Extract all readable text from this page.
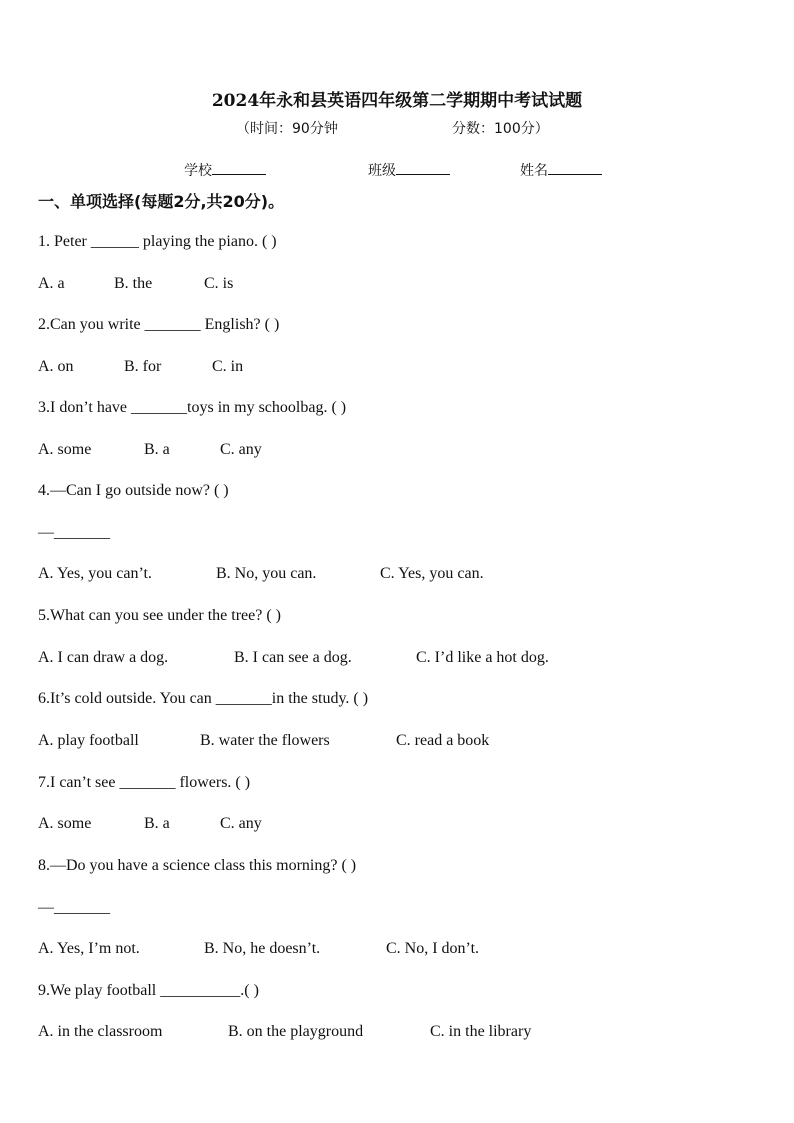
2024年永和县英语四年级第二学期期中考试试题
（时间：90分钟	分数：100分）
学校	班级	姓名
一、单项选择(每题2分,共20分)。
1. Peter ______ playing the piano. ( )
A. a	B. the	C. is
2.Can you write _______ English? ( )
A. on	B. for	C. in
3.I don’t have _______toys in my schoolbag. ( )
A. some	B. a	C. any
4.—Can I go outside now? ( )
—_______
A. Yes, you can’t.	B. No, you can.	C. Yes, you can.
5.What can you see under the tree? ( )
A. I can draw a dog.	B. I can see a dog.	C. I’d like a hot dog.
6.It’s cold outside. You can _______in the study. ( )
A. play football	B. water the flowers	C. read a book
7.I can’t see _______ flowers. ( )
A. some	B. a	C. any
8.—Do you have a science class this morning? ( )
—_______
A. Yes, I’m not.	B. No, he doesn’t.	C. No, I don’t.
9.We play football __________.( )
A. in the classroom	B. on the playground	C. in the library
